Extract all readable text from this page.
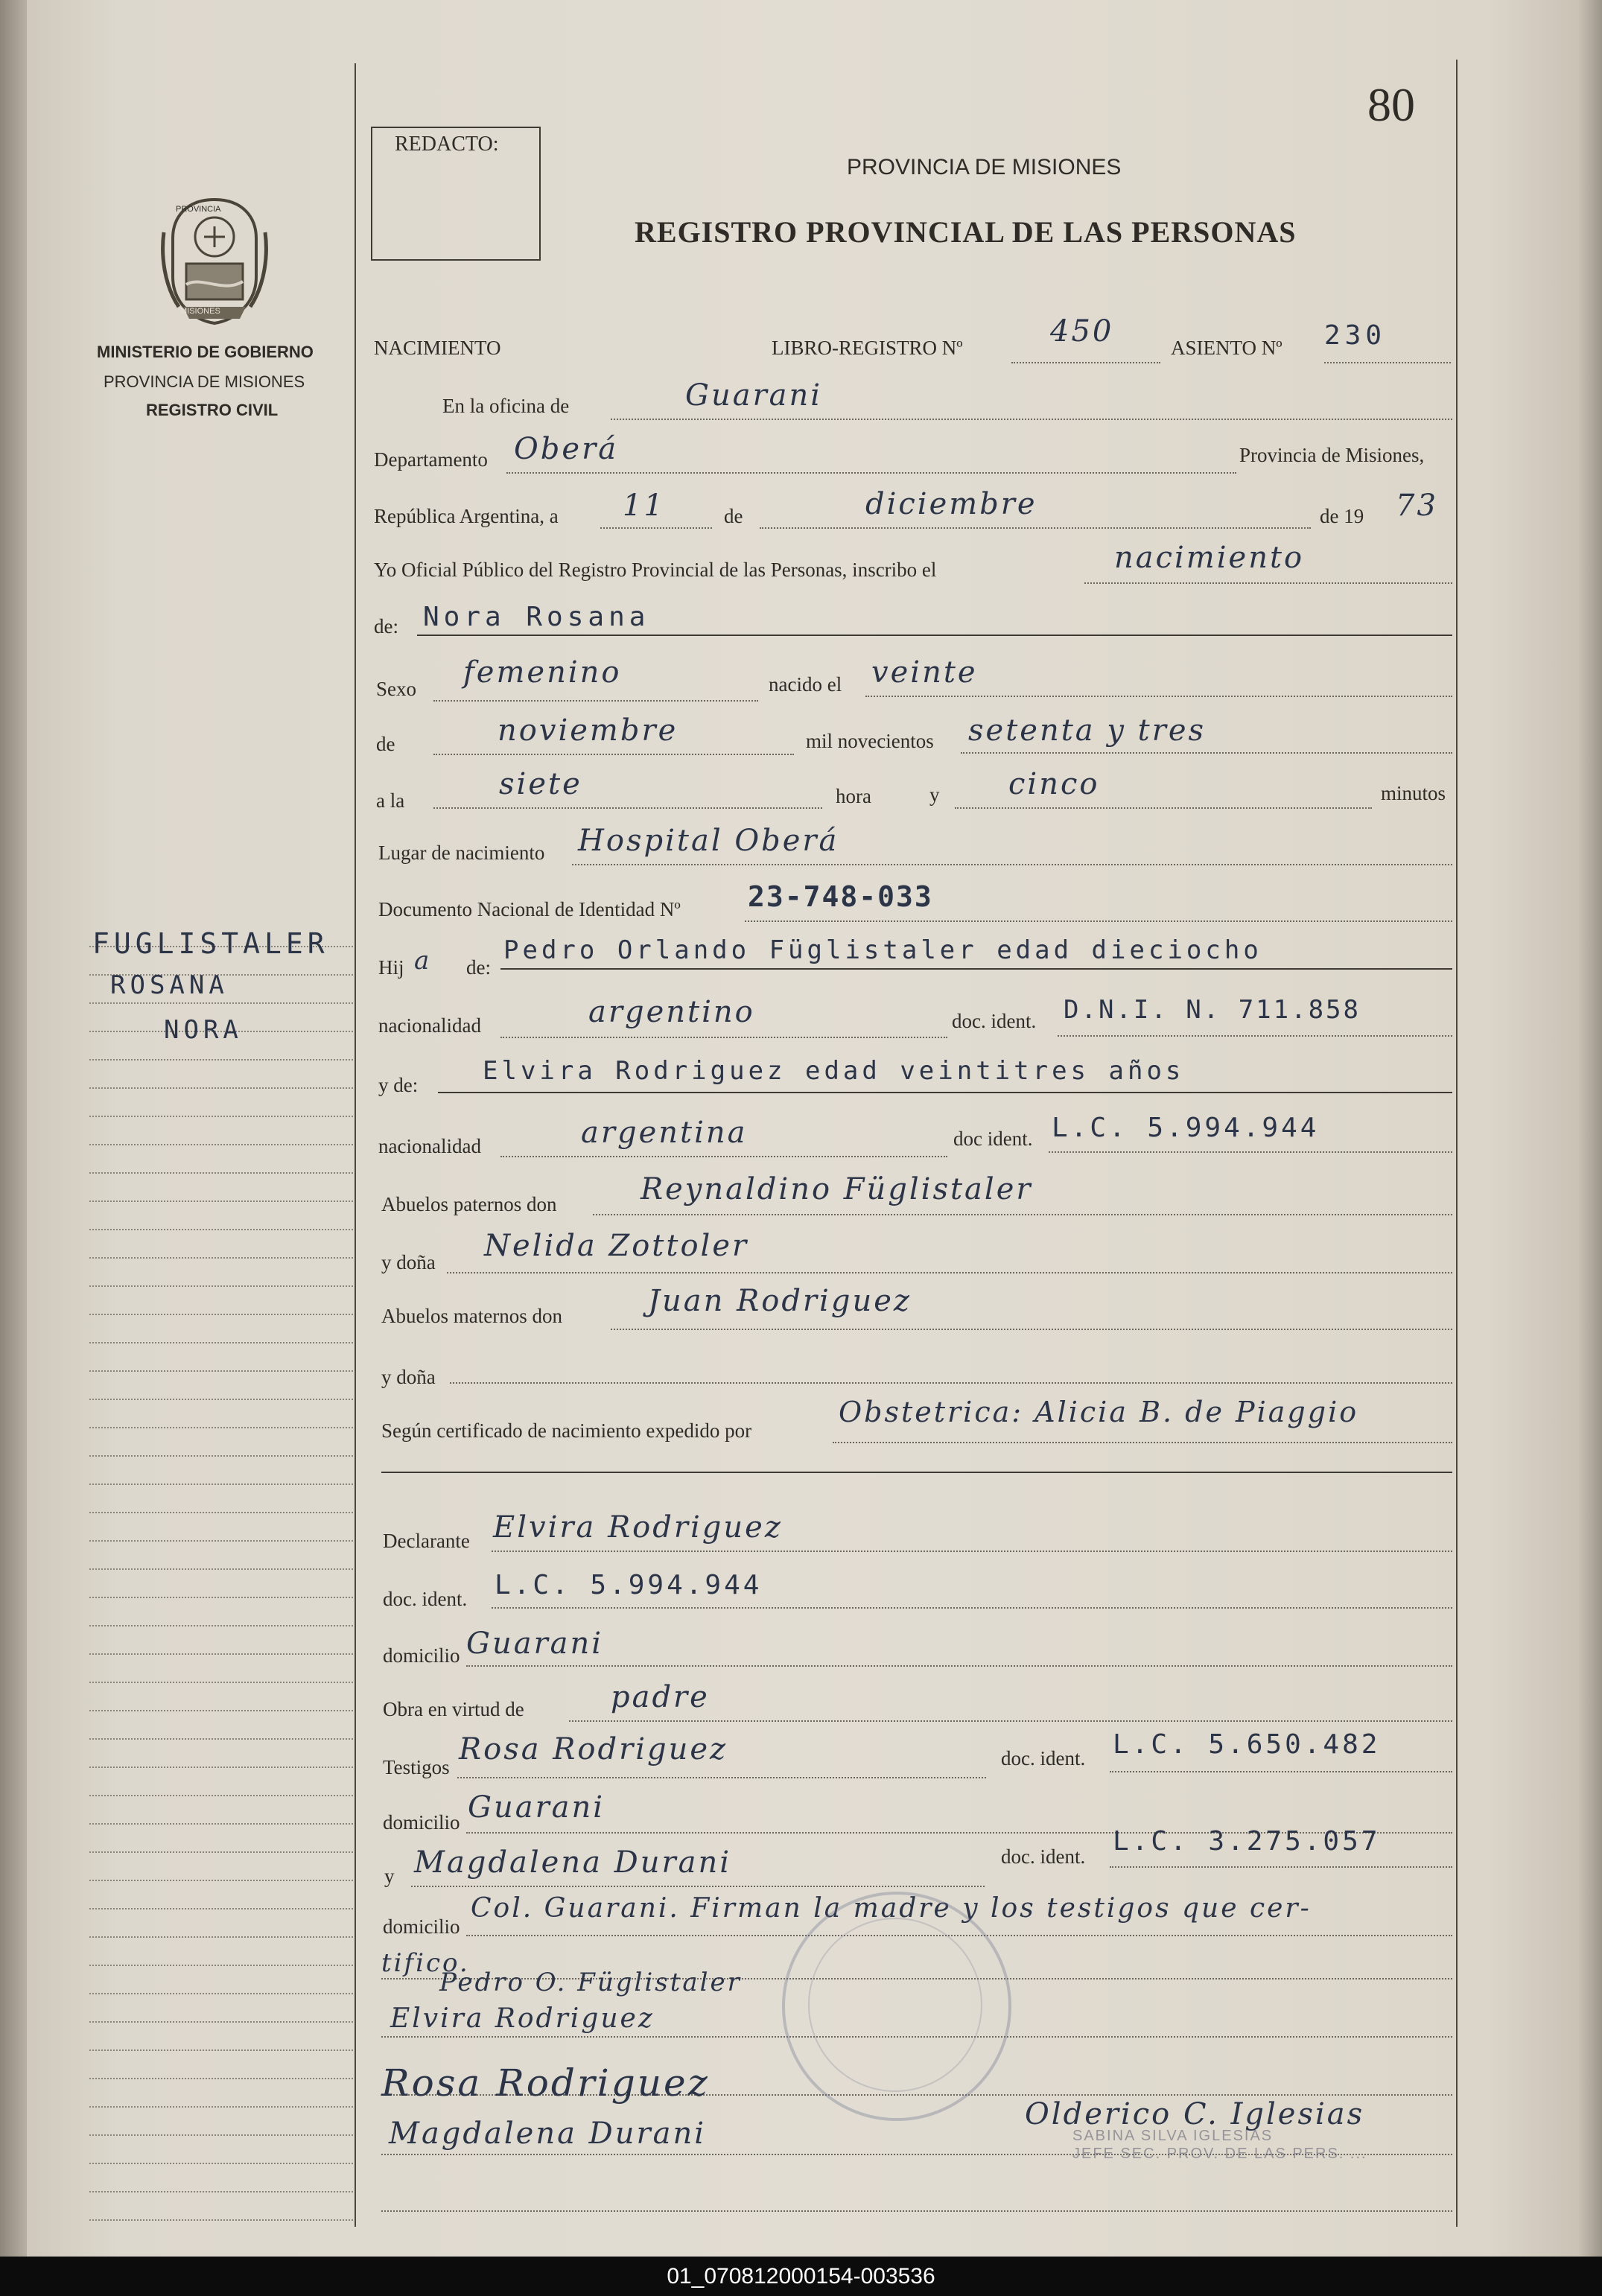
80
REDACTO:
PROVINCIA DE MISIONES
REGISTRO PROVINCIAL DE LAS PERSONAS
PROVINCIA
MISIONES
MINISTERIO DE GOBIERNO
PROVINCIA DE MISIONES
REGISTRO CIVIL
FUGLISTALER
ROSANA
NORA
NACIMIENTO	LIBRO-REGISTRO Nº	450	ASIENTO Nº 230
En la oficina de	Guarani
Departamento Oberá	Provincia de Misiones,
República Argentina, a 11	de	diciembre	de 19 73
Yo Oficial Público del Registro Provincial de las Personas, inscribo el	nacimiento
de: Nora Rosana
Sexo femenino	nacido el veinte
de	noviembre	mil novecientos setenta y tres
a la	siete	hora	y cinco	minutos
Lugar de nacimiento Hospital Oberá
Documento Nacional de Identidad Nº 23-748-033
Hij a de:
Pedro Orlando Füglistaler edad dieciocho
nacionalidad	argentino	doc. ident. D.N.I. N. 711.858
y de:	Elvira Rodriguez edad veintitres años
nacionalidad	argentina	doc ident. L.C. 5.994.944
Abuelos paternos don	Reynaldino Füglistaler
y doña Nelida Zottoler
Abuelos maternos don	Juan Rodriguez
y doña
Según certificado de nacimiento expedido por
Obstetrica: Alicia B. de Piaggio
Declarante Elvira Rodriguez
doc. ident. L.C. 5.994.944
domicilio Guarani
Obra en virtud de	padre
Testigos
Rosa Rodriguez	doc. ident. L.C. 5.650.482
domicilio Guarani
y Magdalena Durani	doc. ident. L.C. 3.275.057
domicilio
Col. Guarani. Firman la madre y los testigos que cer-
tifico.
Pedro O. Füglistaler
Elvira Rodriguez
Rosa Rodriguez
Magdalena Durani
Olderico C. Iglesias
SABINA SILVA IGLESIAS
JEFE SEC. PROV. DE LAS PERS. ...
01_070812000154-003536
